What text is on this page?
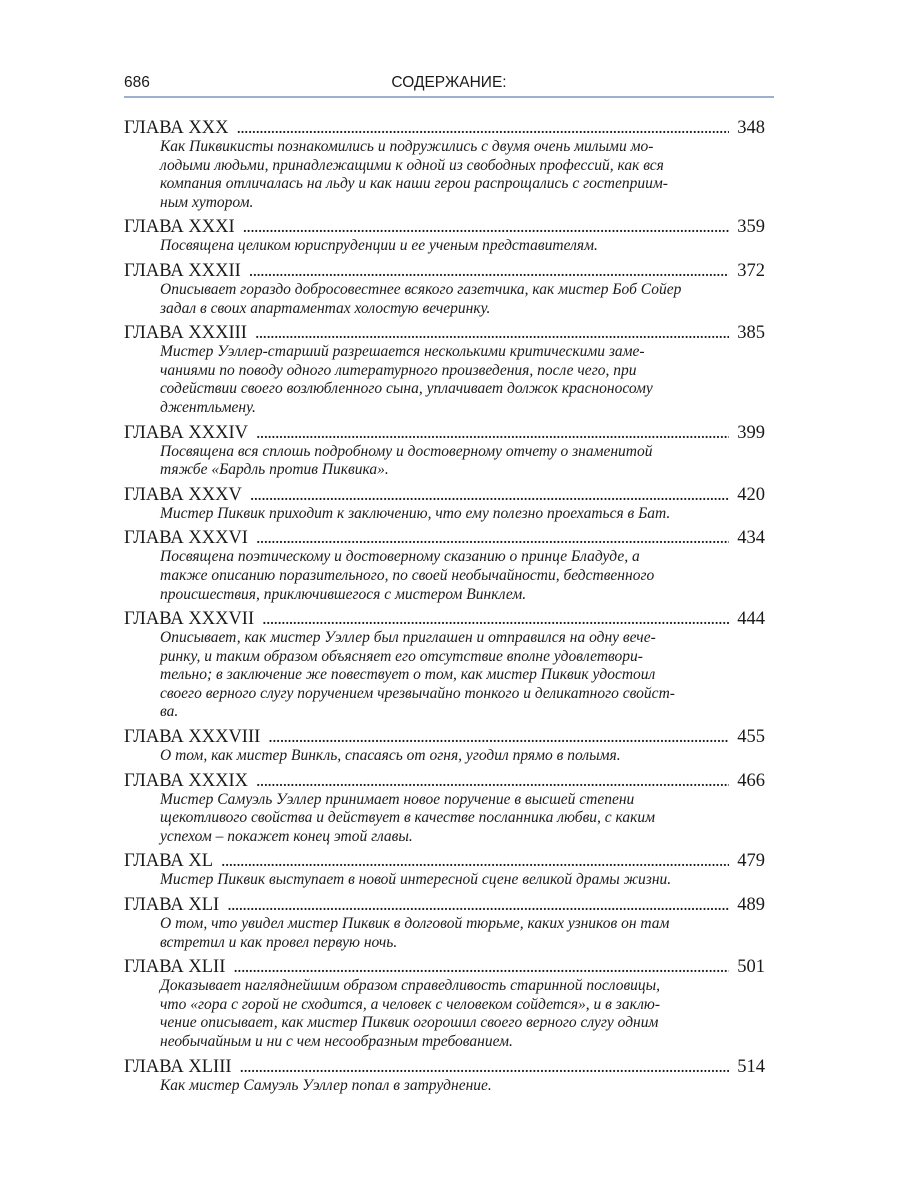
686	СОДЕРЖАНИЕ:
ГЛАВА XXX . . .	348
Как Пиквикисты познакомились и подружились с двумя очень милыми мо-
лодыми людьми, принадлежащими к одной из свободных профессий, как вся
компания отличалась на льду и как наши герои распрощались с гостеприим-
ным хутором.
ГЛАВА XXXI . . .	359
Посвящена целиком юриспруденции и ее ученым представителям.
ГЛАВА XXXII . . .	372
Описывает гораздо добросовестнее всякого газетчика, как мистер Боб Сойер
задал в своих апартаментах холостую вечеринку.
ГЛАВА XXXIII . . .	385
Мистер Уэллер-старший разрешается несколькими критическими заме-
чаниями по поводу одного литературного произведения, после чего, при
содействии своего возлюбленного сына, уплачивает должок красноносому
джентльмену.
ГЛАВА XXXIV . . .	399
Посвящена вся сплошь подробному и достоверному отчету о знаменитой
тяжбе «Бардль против Пиквика».
ГЛАВА XXXV . . .	420
Мистер Пиквик приходит к заключению, что ему полезно проехаться в Бат.
ГЛАВА XXXVI . . .	434
Посвящена поэтическому и достоверному сказанию о принце Бладуде, а
также описанию поразительного, по своей необычайности, бедственного
происшествия, приключившегося с мистером Винклем.
ГЛАВА XXXVII . . .	444
Описывает, как мистер Уэллер был приглашен и отправился на одну вече-
ринку, и таким образом объясняет его отсутствие вполне удовлетвори-
тельно; в заключение же повествует о том, как мистер Пиквик удостоил
своего верного слугу поручением чрезвычайно тонкого и деликатного свойст-
ва.
ГЛАВА XXXVIII . . .	455
О том, как мистер Винкль, спасаясь от огня, угодил прямо в полымя.
ГЛАВА XXXIX . . .	466
Мистер Самуэль Уэллер принимает новое поручение в высшей степени
щекотливого свойства и действует в качестве посланника любви, с каким
успехом – покажет конец этой главы.
ГЛАВА XL . . .	479
Мистер Пиквик выступает в новой интересной сцене великой драмы жизни.
ГЛАВА XLI . . .	489
О том, что увидел мистер Пиквик в долговой тюрьме, каких узников он там
встретил и как провел первую ночь.
ГЛАВА XLII . . .	501
Доказывает нагляднейшим образом справедливость старинной пословицы,
что «гора с горой не сходится, а человек с человеком сойдется», и в заклю-
чение описывает, как мистер Пиквик огорошил своего верного слугу одним
необычайным и ни с чем несообразным требованием.
ГЛАВА XLIII . . .	514
Как мистер Самуэль Уэллер попал в затруднение.
